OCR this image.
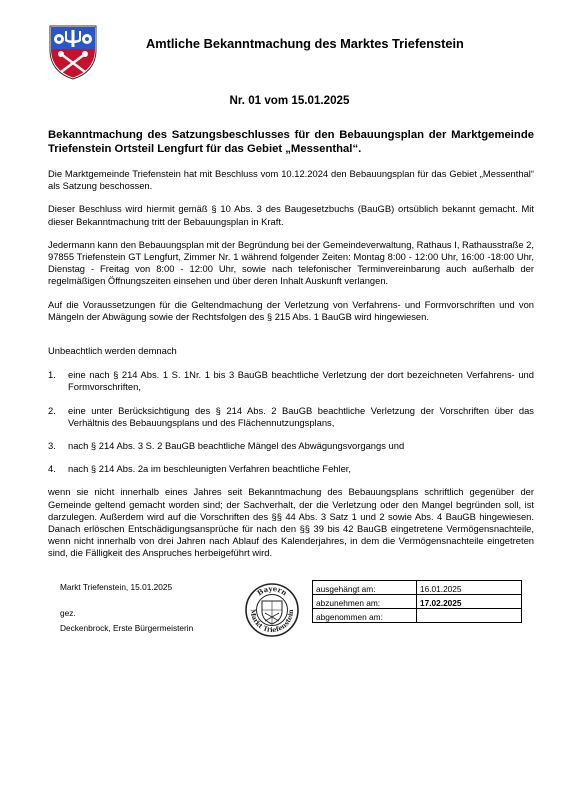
Amtliche Bekanntmachung des Marktes Triefenstein
Nr. 01 vom 15.01.2025

Bekanntmachung des Satzungsbeschlusses für den Bebauungsplan der Marktgemeinde Triefenstein Ortsteil Lengfurt für das Gebiet „Messenthal“.

Die Marktgemeinde Triefenstein hat mit Beschluss vom 10.12.2024 den Bebauungsplan für das Gebiet „Messenthal“ als Satzung beschossen.

Dieser Beschluss wird hiermit gemäß § 10 Abs. 3 des Baugesetzbuchs (BauGB) ortsüblich bekannt gemacht. Mit dieser Bekanntmachung tritt der Bebauungsplan in Kraft.

Jedermann kann den Bebauungsplan mit der Begründung bei der Gemeindeverwaltung, Rathaus I, Rathausstraße 2, 97855 Triefenstein GT Lengfurt, Zimmer Nr. 1 während folgender Zeiten: Montag 8:00 - 12:00 Uhr, 16:00 -18:00 Uhr, Dienstag - Freitag von 8:00 - 12:00 Uhr, sowie nach telefonischer Terminvereinbarung auch außerhalb der regelmäßigen Öffnungszeiten einsehen und über deren Inhalt Auskunft verlangen.

Auf die Voraussetzungen für die Geltendmachung der Verletzung von Verfahrens- und Formvorschriften und von Mängeln der Abwägung sowie der Rechtsfolgen des § 215 Abs. 1 BauGB wird hingewiesen.

Unbeachtlich werden demnach

1.	eine nach § 214 Abs. 1 S. 1Nr. 1 bis 3 BauGB beachtliche Verletzung der dort bezeichneten Verfahrens- und Formvorschriften,
2.	eine unter Berücksichtigung des § 214 Abs. 2 BauGB beachtliche Verletzung der Vorschriften über das Verhältnis des Bebauungsplans und des Flächennutzungsplans,
3.	nach § 214 Abs. 3 S. 2 BauGB beachtliche Mängel des Abwägungsvorgangs und
4.	nach § 214 Abs. 2a im beschleunigten Verfahren beachtliche Fehler,

wenn sie nicht innerhalb eines Jahres seit Bekanntmachung des Bebauungsplans schriftlich gegenüber der Gemeinde geltend gemacht worden sind; der Sachverhalt, der die Verletzung oder den Mangel begründen soll, ist darzulegen. Außerdem wird auf die Vorschriften des §§ 44 Abs. 3 Satz 1 und 2 sowie Abs. 4 BauGB hingewiesen. Danach erlöschen Entschädigungsansprüche für nach den §§ 39 bis 42 BauGB eingetretene Vermögensnachteile, wenn nicht innerhalb von drei Jahren nach Ablauf des Kalenderjahres, in dem die Vermögensnachteile eingetreten sind, die Fälligkeit des Anspruches herbeigeführt wird.

Markt Triefenstein, 15.01.2025
gez.
Deckenbrock, Erste Bürgermeisterin
Bayern
Markt Triefenstein
ausgehängt am:	16.01.2025
abzunehmen am:	17.02.2025
abgenommen am:	
